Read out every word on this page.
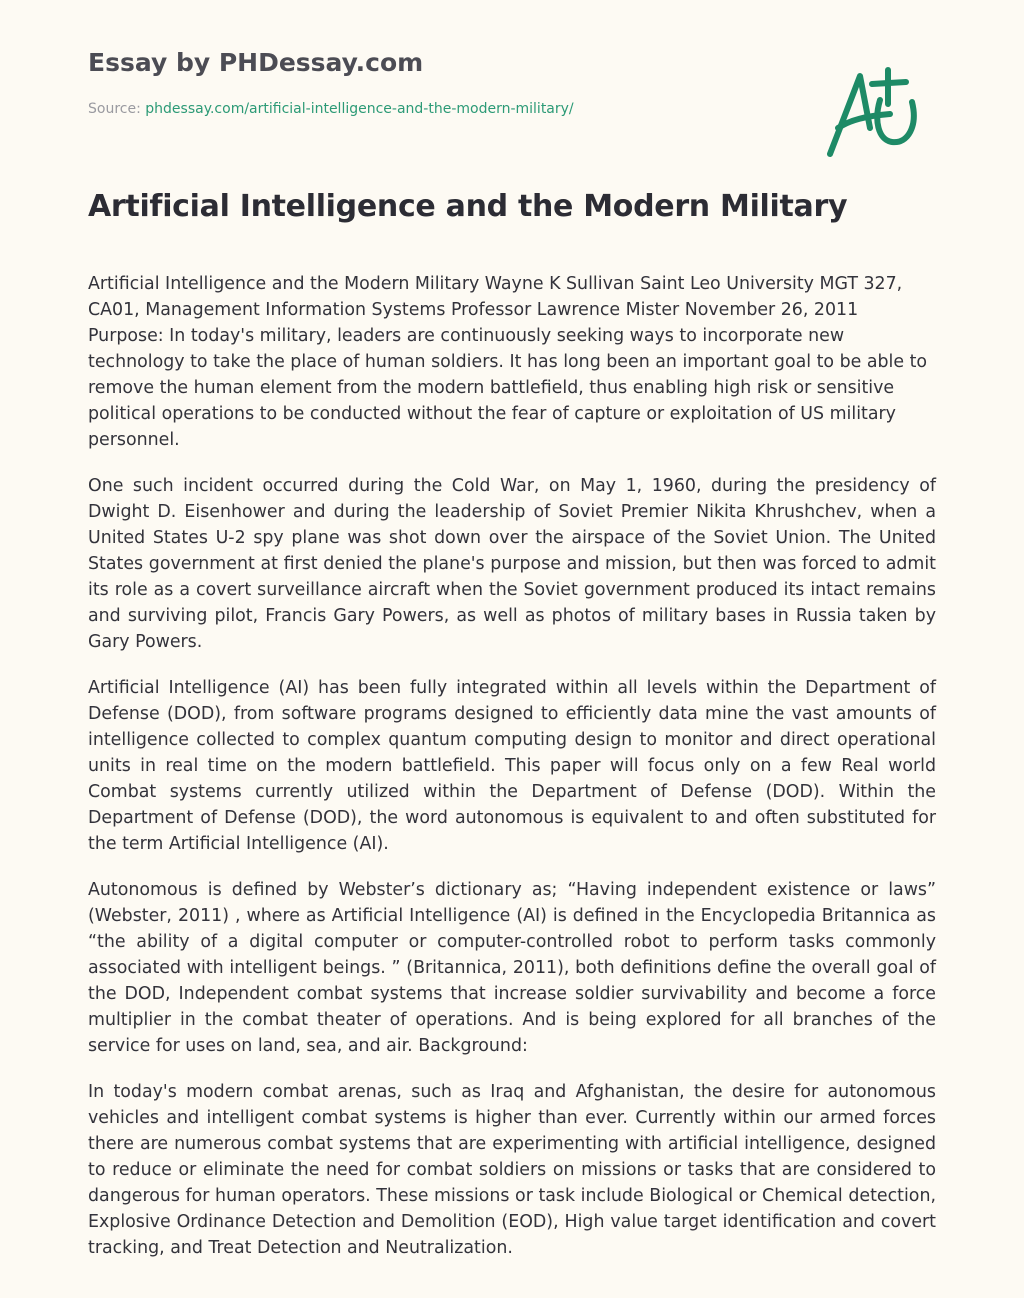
Essay by PHDessay.com
Source: phdessay.com/artificial-intelligence-and-the-modern-military/
Artificial Intelligence and the Modern Military

Artificial Intelligence and the Modern Military Wayne K Sullivan Saint Leo University MGT 327, CA01, Management Information Systems Professor Lawrence Mister November 26, 2011 Purpose: In today's military, leaders are continuously seeking ways to incorporate new technology to take the place of human soldiers. It has long been an important goal to be able to remove the human element from the modern battlefield, thus enabling high risk or sensitive political operations to be conducted without the fear of capture or exploitation of US military personnel.

One such incident occurred during the Cold War, on May 1, 1960, during the presidency of Dwight D. Eisenhower and during the leadership of Soviet Premier Nikita Khrushchev, when a United States U-2 spy plane was shot down over the airspace of the Soviet Union. The United States government at first denied the plane's purpose and mission, but then was forced to admit its role as a covert surveillance aircraft when the Soviet government produced its intact remains and surviving pilot, Francis Gary Powers, as well as photos of military bases in Russia taken by Gary Powers.

Artificial Intelligence (AI) has been fully integrated within all levels within the Department of Defense (DOD), from software programs designed to efficiently data mine the vast amounts of intelligence collected to complex quantum computing design to monitor and direct operational units in real time on the modern battlefield. This paper will focus only on a few Real world Combat systems currently utilized within the Department of Defense (DOD). Within the Department of Defense (DOD), the word autonomous is equivalent to and often substituted for the term Artificial Intelligence (AI).

Autonomous is defined by Webster’s dictionary as; “Having independent existence or laws” (Webster, 2011) , where as Artificial Intelligence (AI) is defined in the Encyclopedia Britannica as “the ability of a digital computer or computer-controlled robot to perform tasks commonly associated with intelligent beings. ” (Britannica, 2011), both definitions define the overall goal of the DOD, Independent combat systems that increase soldier survivability and become a force multiplier in the combat theater of operations. And is being explored for all branches of the service for uses on land, sea, and air. Background:

In today's modern combat arenas, such as Iraq and Afghanistan, the desire for autonomous vehicles and intelligent combat systems is higher than ever. Currently within our armed forces there are numerous combat systems that are experimenting with artificial intelligence, designed to reduce or eliminate the need for combat soldiers on missions or tasks that are considered to dangerous for human operators. These missions or task include Biological or Chemical detection, Explosive Ordinance Detection and Demolition (EOD), High value target identification and covert tracking, and Treat Detection and Neutralization.
